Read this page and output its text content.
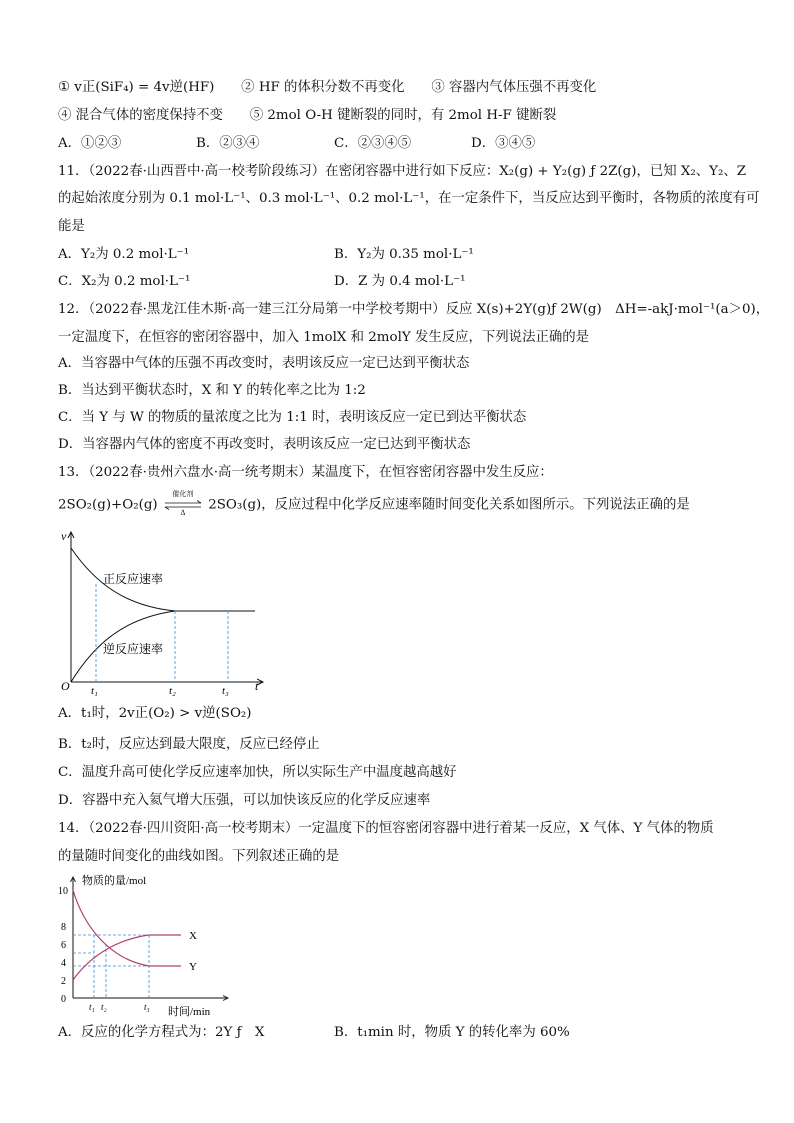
① v正(SiF₄) = 4v逆(HF)　　② HF 的体积分数不再变化　　③ 容器内气体压强不再变化
④ 混合气体的密度保持不变　　⑤ 2mol O-H 键断裂的同时，有 2mol H-F 键断裂
A．①②③	B．②③④	C．②③④⑤	D．③④⑤
11．（2022春·山西晋中·高一校考阶段练习）在密闭容器中进行如下反应：X₂(g) + Y₂(g) ƒ 2Z(g)，已知 X₂、Y₂、Z
的起始浓度分别为 0.1 mol·L⁻¹、0.3 mol·L⁻¹、0.2 mol·L⁻¹，在一定条件下，当反应达到平衡时，各物质的浓度有可
能是
A．Y₂为 0.2 mol·L⁻¹	B．Y₂为 0.35 mol·L⁻¹
C．X₂为 0.2 mol·L⁻¹	D．Z 为 0.4 mol·L⁻¹
12．（2022春·黑龙江佳木斯·高一建三江分局第一中学校考期中）反应 X(s)+2Y(g)ƒ 2W(g)　ΔH=-akJ·mol⁻¹(a＞0)，
一定温度下，在恒容的密闭容器中，加入 1molX 和 2molY 发生反应，下列说法正确的是
A．当容器中气体的压强不再改变时，表明该反应一定已达到平衡状态
B．当达到平衡状态时，X 和 Y 的转化率之比为 1:2
C．当 Y 与 W 的物质的量浓度之比为 1:1 时，表明该反应一定已到达平衡状态
D．当容器内气体的密度不再改变时，表明该反应一定已达到平衡状态
13．（2022春·贵州六盘水·高一统考期末）某温度下，在恒容密闭容器中发生反应：
2SO₂(g)+O₂(g)
催化剂
Δ
2SO₃(g)，反应过程中化学反应速率随时间变化关系如图所示。下列说法正确的是
v
t
O
正反应速率
逆反应速率
t₁	t₂	t₃
A．t₁时，2v正(O₂) > v逆(SO₂)
B．t₂时，反应达到最大限度，反应已经停止
C．温度升高可使化学反应速率加快，所以实际生产中温度越高越好
D．容器中充入氦气增大压强，可以加快该反应的化学反应速率
14．（2022春·四川资阳·高一校考期末）一定温度下的恒容密闭容器中进行着某一反应，X 气体、Y 气体的物质
的量随时间变化的曲线如图。下列叙述正确的是
0
2
4
6
8
10
物质的量/mol
时间/min
X
Y
t₁ t₂	t₃
A．反应的化学方程式为：2Y ƒ　X	B．t₁min 时，物质 Y 的转化率为 60%
